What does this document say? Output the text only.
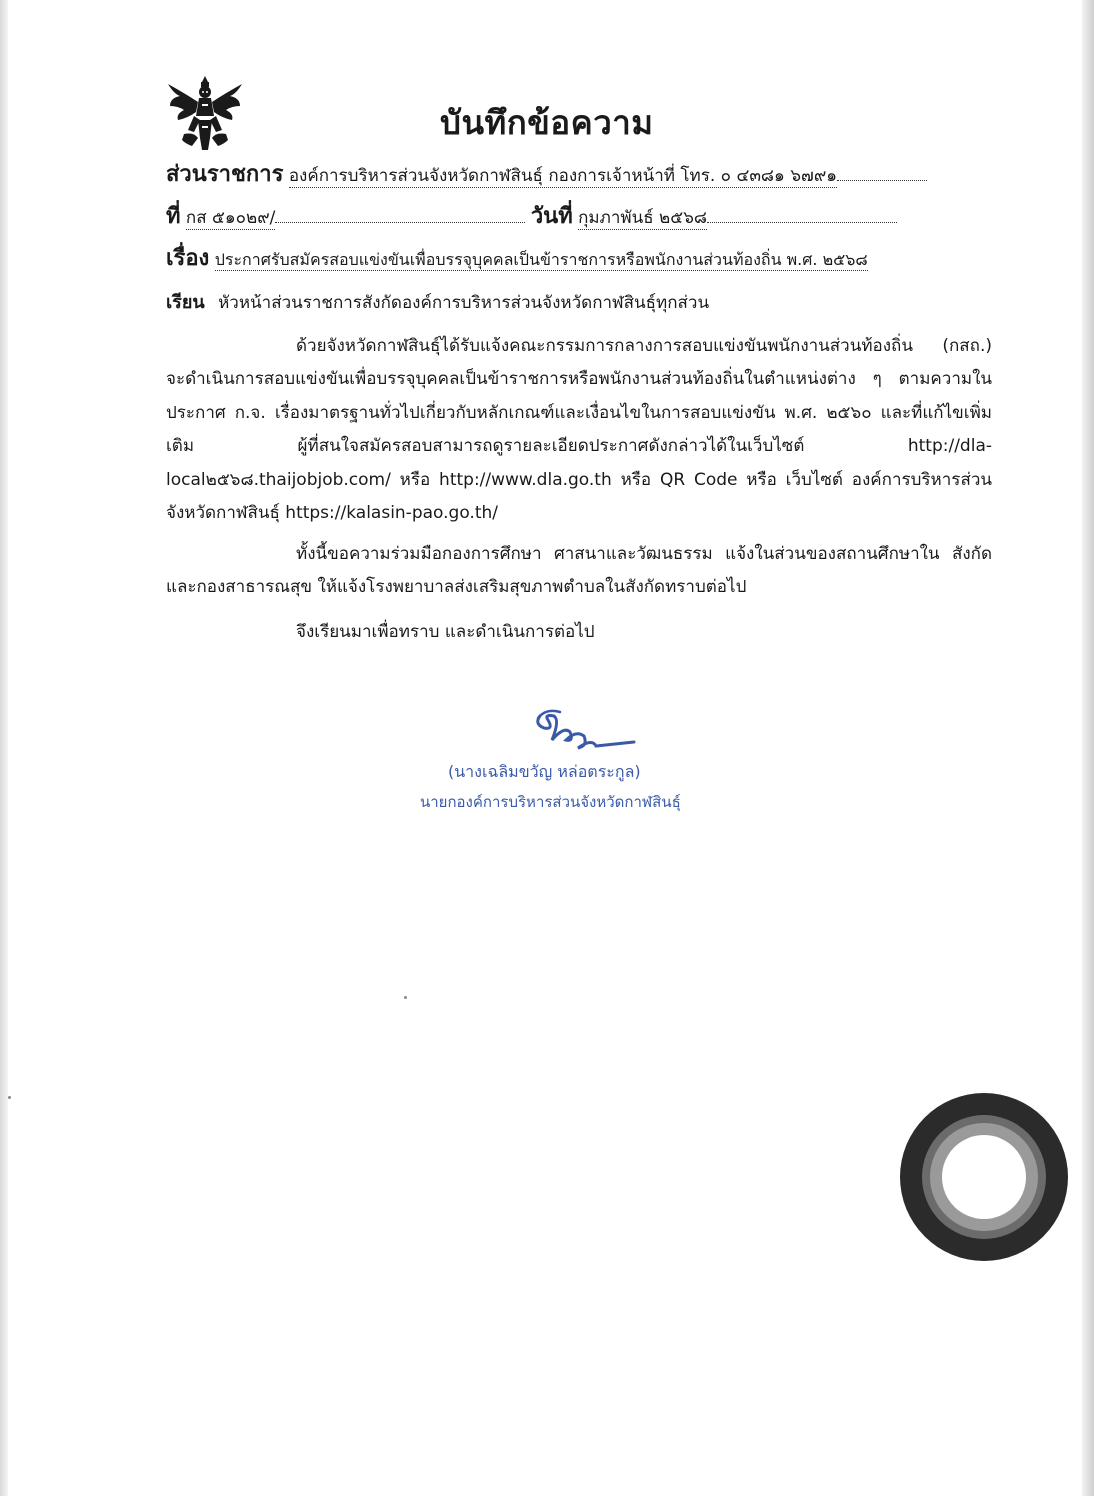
บันทึกข้อความ
ส่วนราชการ องค์การบริหารส่วนจังหวัดกาฬสินธุ์ กองการเจ้าหน้าที่ โทร. ๐ ๔๓๘๑ ๖๗๙๑
ที่ กส ๕๑๐๒๙/	วันที่ กุมภาพันธ์ ๒๕๖๘
เรื่อง ประกาศรับสมัครสอบแข่งขันเพื่อบรรจุบุคคลเป็นข้าราชการหรือพนักงานส่วนท้องถิ่น พ.ศ. ๒๕๖๘
เรียน หัวหน้าส่วนราชการสังกัดองค์การบริหารส่วนจังหวัดกาฬสินธุ์ทุกส่วน
ด้วยจังหวัดกาฬสินธุ์ได้รับแจ้งคณะกรรมการกลางการสอบแข่งขันพนักงานส่วนท้องถิ่น (กสถ.) จะดำเนินการสอบแข่งขันเพื่อบรรจุบุคคลเป็นข้าราชการหรือพนักงานส่วนท้องถิ่นในตำแหน่งต่าง ๆ ตามความในประกาศ ก.จ. เรื่องมาตรฐานทั่วไปเกี่ยวกับหลักเกณฑ์และเงื่อนไขในการสอบแข่งขัน พ.ศ. ๒๕๖๐ และที่แก้ไขเพิ่มเติม ผู้ที่สนใจสมัครสอบสามารถดูรายละเอียดประกาศดังกล่าวได้ในเว็บไซต์ http://dla-local๒๕๖๘.thaijobjob.com/ หรือ http://www.dla.go.th หรือ QR Code หรือ เว็บไซต์ องค์การบริหารส่วนจังหวัดกาฬสินธุ์ https://kalasin-pao.go.th/
ทั้งนี้ขอความร่วมมือกองการศึกษา ศาสนาและวัฒนธรรม แจ้งในส่วนของสถานศึกษาใน สังกัด และกองสาธารณสุข ให้แจ้งโรงพยาบาลส่งเสริมสุขภาพตำบลในสังกัดทราบต่อไป
จึงเรียนมาเพื่อทราบ และดำเนินการต่อไป
(นางเฉลิมขวัญ หล่อตระกูล)
นายกองค์การบริหารส่วนจังหวัดกาฬสินธุ์
